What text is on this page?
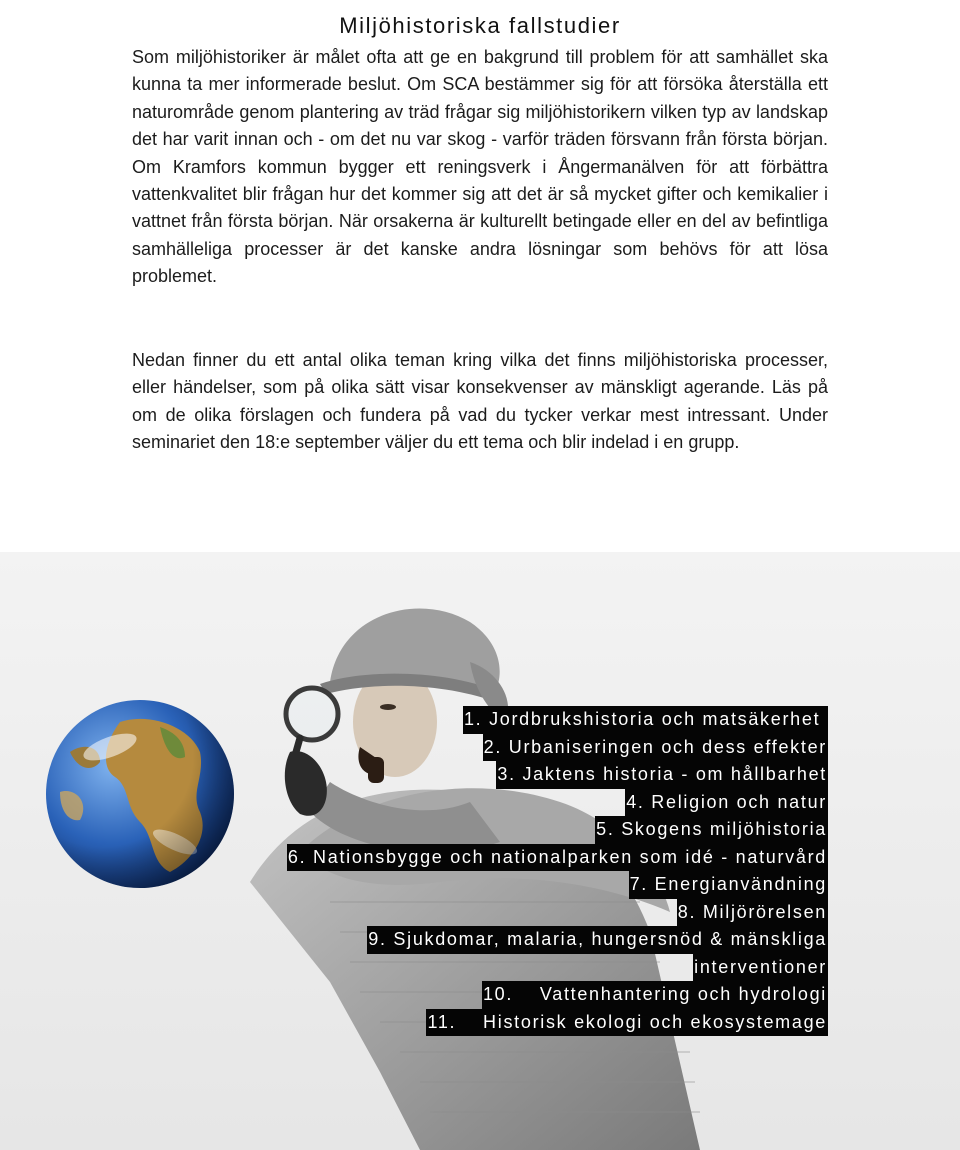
Miljöhistoriska fallstudier

Som miljöhistoriker är målet ofta att ge en bakgrund till problem för att samhället ska kunna ta mer informerade beslut. Om SCA bestämmer sig för att försöka återställa ett naturområde genom plantering av träd frågar sig miljöhistorikern vilken typ av landskap det har varit innan och - om det nu var skog - varför träden försvann från första början. Om Kramfors kommun bygger ett reningsverk i Ångermanälven för att förbättra vattenkvalitet blir frågan hur det kommer sig att det är så mycket gifter och kemikalier i vattnet från första början. När orsakerna är kulturellt betingade eller en del av befintliga samhälleliga processer är det kanske andra lösningar som behövs för att lösa problemet.

Nedan finner du ett antal olika teman kring vilka det finns miljöhistoriska processer, eller händelser, som på olika sätt visar konsekvenser av mänskligt agerande. Läs på om de olika förslagen och fundera på vad du tycker verkar mest intressant. Under seminariet den 18:e september väljer du ett tema och blir indelad i en grupp.

1. Jordbrukshistoria och matsäkerhet
2. Urbaniseringen och dess effekter
3. Jaktens historia - om hållbarhet
4. Religion och natur
5. Skogens miljöhistoria
6. Nationsbygge och nationalparken som idé - naturvård
7. Energianvändning
8. Miljörörelsen
9. Sjukdomar, malaria, hungersnöd & mänskliga
interventioner
10.    Vattenhantering och hydrologi
11.    Historisk ekologi och ekosystemage
